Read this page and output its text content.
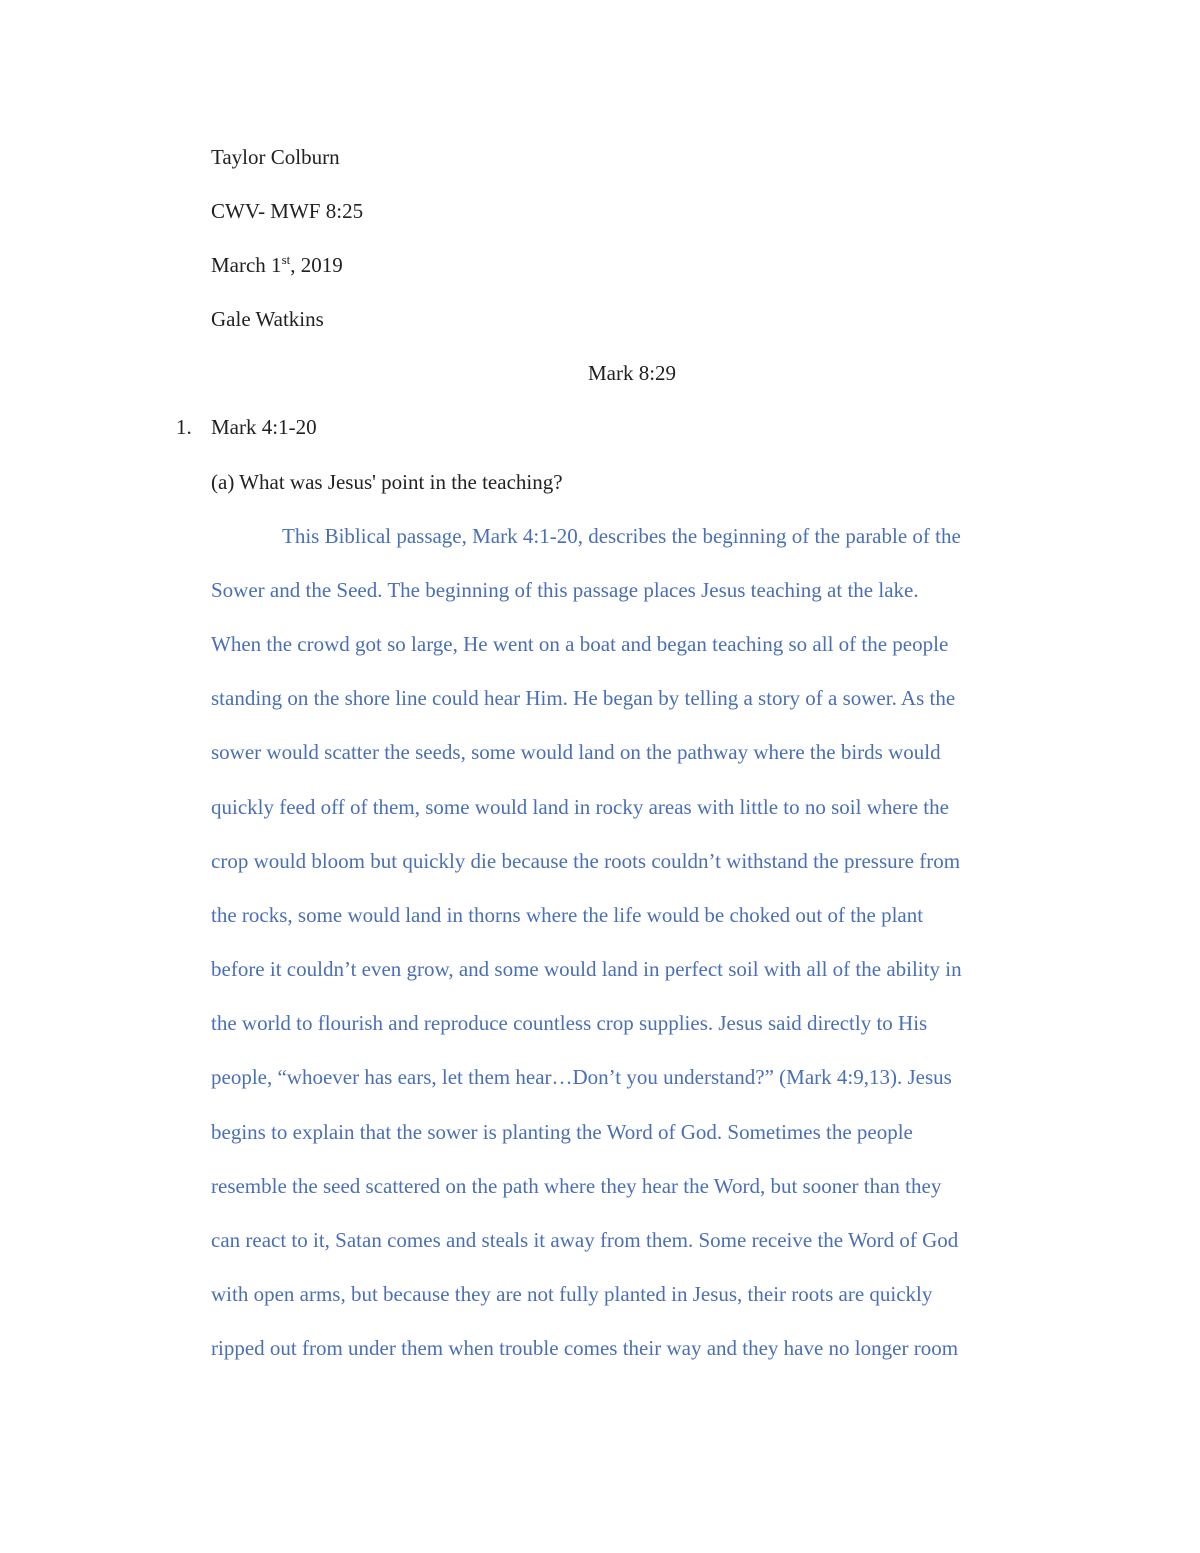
Taylor Colburn
CWV- MWF 8:25
March 1st, 2019
Gale Watkins
Mark 8:29
1. Mark 4:1-20
(a) What was Jesus' point in the teaching?
This Biblical passage, Mark 4:1-20, describes the beginning of the parable of the
Sower and the Seed. The beginning of this passage places Jesus teaching at the lake.
When the crowd got so large, He went on a boat and began teaching so all of the people
standing on the shore line could hear Him. He began by telling a story of a sower. As the
sower would scatter the seeds, some would land on the pathway where the birds would
quickly feed off of them, some would land in rocky areas with little to no soil where the
crop would bloom but quickly die because the roots couldn’t withstand the pressure from
the rocks, some would land in thorns where the life would be choked out of the plant
before it couldn’t even grow, and some would land in perfect soil with all of the ability in
the world to flourish and reproduce countless crop supplies. Jesus said directly to His
people, “whoever has ears, let them hear…Don’t you understand?” (Mark 4:9,13). Jesus
begins to explain that the sower is planting the Word of God. Sometimes the people
resemble the seed scattered on the path where they hear the Word, but sooner than they
can react to it, Satan comes and steals it away from them. Some receive the Word of God
with open arms, but because they are not fully planted in Jesus, their roots are quickly
ripped out from under them when trouble comes their way and they have no longer room
